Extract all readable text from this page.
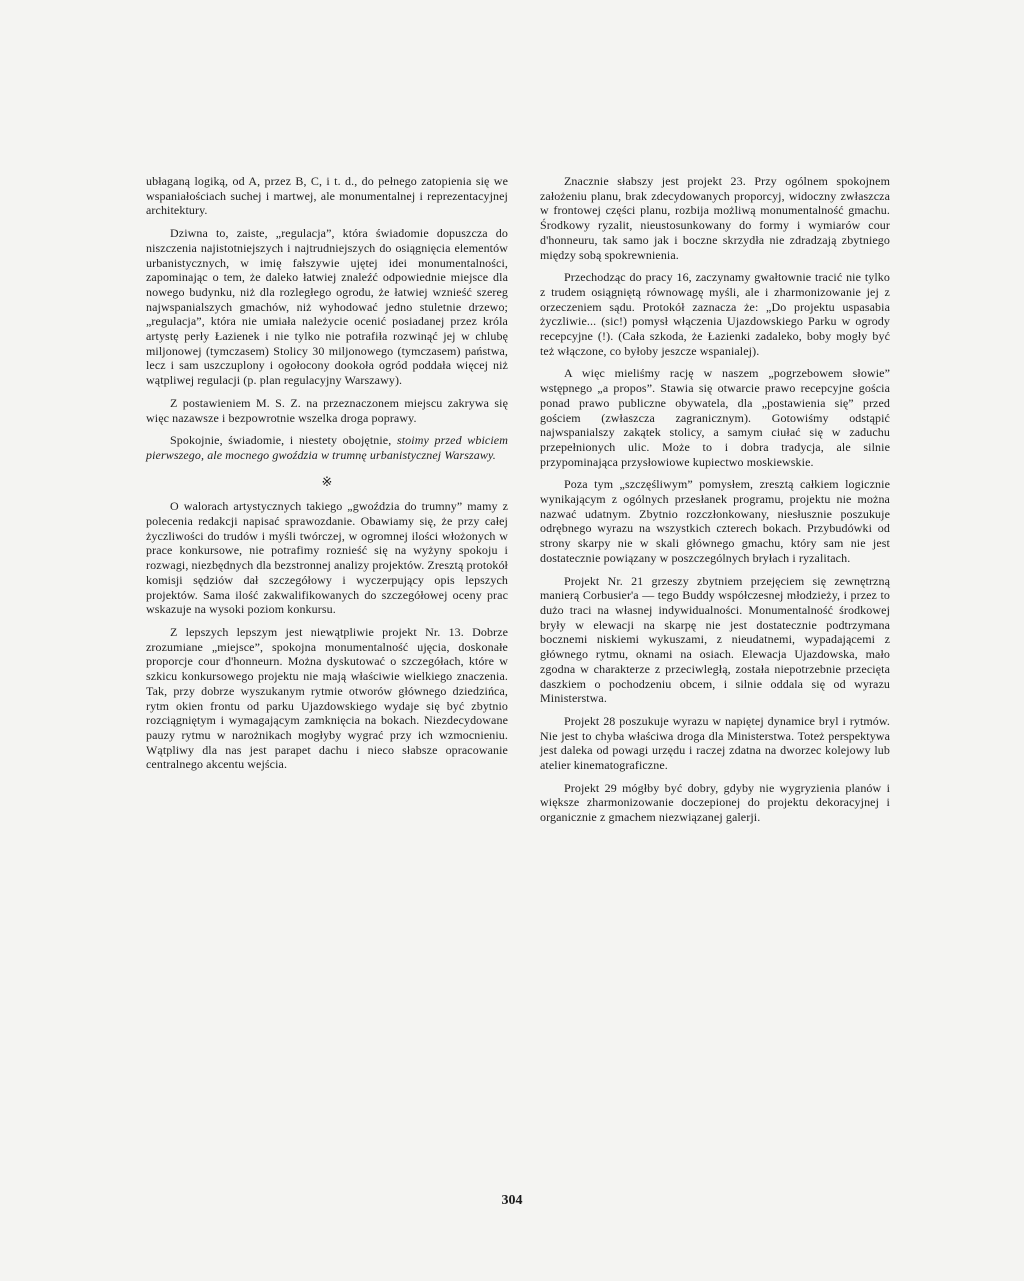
ubłaganą logiką, od A, przez B, C, i t. d., do pełnego zatopienia się we wspaniałościach suchej i martwej, ale monumentalnej i reprezentacyjnej architektury.

Dziwna to, zaiste, „regulacja”, która świadomie dopuszcza do niszczenia najistotniejszych i najtrudniejszych do osiągnięcia elementów urbanistycznych, w imię fałszywie ujętej idei monumentalności, zapominając o tem, że daleko łatwiej znaleźć odpowiednie miejsce dla nowego budynku, niż dla rozległego ogrodu, że łatwiej wznieść szereg najwspanialszych gmachów, niż wyhodować jedno stuletnie drzewo; „regulacja”, która nie umiała należycie ocenić posiadanej przez króla artystę perły Łazienek i nie tylko nie potrafiła rozwinąć jej w chlubę miljonowej (tymczasem) Stolicy 30 miljonowego (tymczasem) państwa, lecz i sam uszczuplony i ogołocony dookoła ogród poddała więcej niż wątpliwej regulacji (p. plan regulacyjny Warszawy).

Z postawieniem M. S. Z. na przeznaczonem miejscu zakrywa się więc nazawsze i bezpowrotnie wszelka droga poprawy.

Spokojnie, świadomie, i niestety obojętnie, stoimy przed wbiciem pierwszego, ale mocnego gwoździa w trumnę urbanistycznej Warszawy.

※

O walorach artystycznych takiego „gwoździa do trumny” mamy z polecenia redakcji napisać sprawozdanie. Obawiamy się, że przy całej życzliwości do trudów i myśli twórczej, w ogromnej ilości włożonych w prace konkursowe, nie potrafimy roznieść się na wyżyny spokoju i rozwagi, niezbędnych dla bezstronnej analizy projektów. Zresztą protokół komisji sędziów dał szczegółowy i wyczerpujący opis lepszych projektów. Sama ilość zakwalifikowanych do szczegółowej oceny prac wskazuje na wysoki poziom konkursu.

Z lepszych lepszym jest niewątpliwie projekt Nr. 13. Dobrze zrozumiane „miejsce”, spokojna monumentalność ujęcia, doskonałe proporcje cour d'honneurn. Można dyskutować o szczegółach, które w szkicu konkursowego projektu nie mają właściwie wielkiego znaczenia. Tak, przy dobrze wyszukanym rytmie otworów głównego dziedzińca, rytm okien frontu od parku Ujazdowskiego wydaje się być zbytnio rozciągniętym i wymagającym zamknięcia na bokach. Niezdecydowane pauzy rytmu w narożnikach mogłyby wygrać przy ich wzmocnieniu. Wątpliwy dla nas jest parapet dachu i nieco słabsze opracowanie centralnego akcentu wejścia.

Znacznie słabszy jest projekt 23. Przy ogólnem spokojnem założeniu planu, brak zdecydowanych proporcyj, widoczny zwłaszcza w frontowej części planu, rozbija możliwą monumentalność gmachu. Środkowy ryzalit, nieustosunkowany do formy i wymiarów cour d'honneuru, tak samo jak i boczne skrzydła nie zdradzają zbytniego między sobą spokrewnienia.

Przechodząc do pracy 16, zaczynamy gwałtownie tracić nie tylko z trudem osiągniętą równowagę myśli, ale i zharmonizowanie jej z orzeczeniem sądu. Protokół zaznacza że: „Do projektu uspasabia życzliwie... (sic!) pomysł włączenia Ujazdowskiego Parku w ogrody recepcyjne (!). (Cała szkoda, że Łazienki zadaleko, boby mogły być też włączone, co byłoby jeszcze wspanialej).

A więc mieliśmy rację w naszem „pogrzebowem słowie” wstępnego „a propos”. Stawia się otwarcie prawo recepcyjne gościa ponad prawo publiczne obywatela, dla „postawienia się” przed gościem (zwłaszcza zagranicznym). Gotowiśmy odstąpić najwspanialszy zakątek stolicy, a samym ciułać się w zaduchu przepełnionych ulic. Może to i dobra tradycja, ale silnie przypominająca przysłowiowe kupiectwo moskiewskie.

Poza tym „szczęśliwym” pomysłem, zresztą całkiem logicznie wynikającym z ogólnych przesłanek programu, projektu nie można nazwać udatnym. Zbytnio rozczłonkowany, niesłusznie poszukuje odrębnego wyrazu na wszystkich czterech bokach. Przybudówki od strony skarpy nie w skali głównego gmachu, który sam nie jest dostatecznie powiązany w poszczególnych bryłach i ryzalitach.

Projekt Nr. 21 grzeszy zbytniem przejęciem się zewnętrzną manierą Corbusier'a — tego Buddy współczesnej młodzieży, i przez to dużo traci na własnej indywidualności. Monumentalność środkowej bryły w elewacji na skarpę nie jest dostatecznie podtrzymana bocznemi niskiemi wykuszami, z nieudatnemi, wypadającemi z głównego rytmu, oknami na osiach. Elewacja Ujazdowska, mało zgodna w charakterze z przeciwległą, została niepotrzebnie przecięta daszkiem o pochodzeniu obcem, i silnie oddala się od wyrazu Ministerstwa.

Projekt 28 poszukuje wyrazu w napiętej dynamice bryl i rytmów. Nie jest to chyba właściwa droga dla Ministerstwa. Toteż perspektywa jest daleka od powagi urzędu i raczej zdatna na dworzec kolejowy lub atelier kinematograficzne.

Projekt 29 mógłby być dobry, gdyby nie wygryzienia planów i większe zharmonizowanie doczepionej do projektu dekoracyjnej i organicznie z gmachem niezwiązanej galerji.

304
